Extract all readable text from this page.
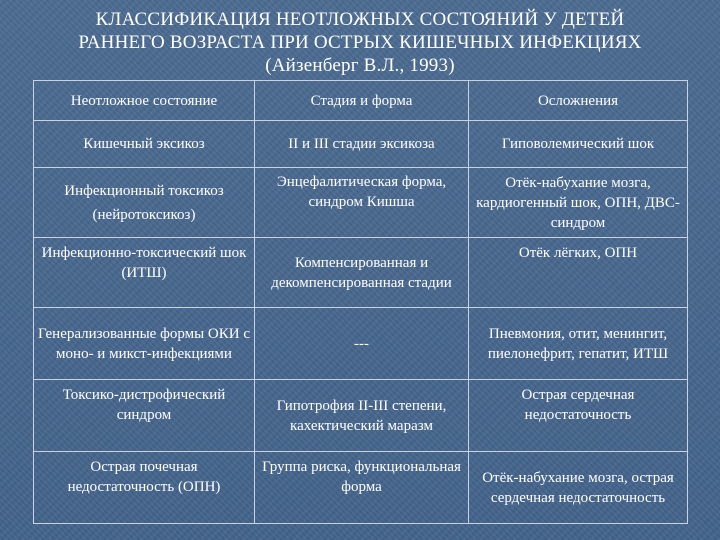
КЛАССИФИКАЦИЯ НЕОТЛОЖНЫХ СОСТОЯНИЙ У ДЕТЕЙ
РАННЕГО ВОЗРАСТА ПРИ ОСТРЫХ КИШЕЧНЫХ ИНФЕКЦИЯХ
(Айзенберг В.Л., 1993)
Неотложное состояние	Стадия и форма	Осложнения
Кишечный эксикоз	II и III стадии эксикоза	Гиповолемический шок
Инфекционный токсикоз (нейротоксикоз)	Энцефалитическая форма, синдром Кишша	Отёк-набухание мозга, кардиогенный шок, ОПН, ДВС-синдром
Инфекционно-токсический шок (ИТШ)	Компенсированная и декомпенсированная стадии	Отёк лёгких, ОПН
Генерализованные формы ОКИ с моно- и микст-инфекциями	---	Пневмония, отит, менингит, пиелонефрит, гепатит, ИТШ
Токсико-дистрофический синдром	Гипотрофия II-III степени, кахектический маразм	Острая сердечная недостаточность
Острая почечная недостаточность (ОПН)	Группа риска, функциональная форма	Отёк-набухание мозга, острая сердечная недостаточность
